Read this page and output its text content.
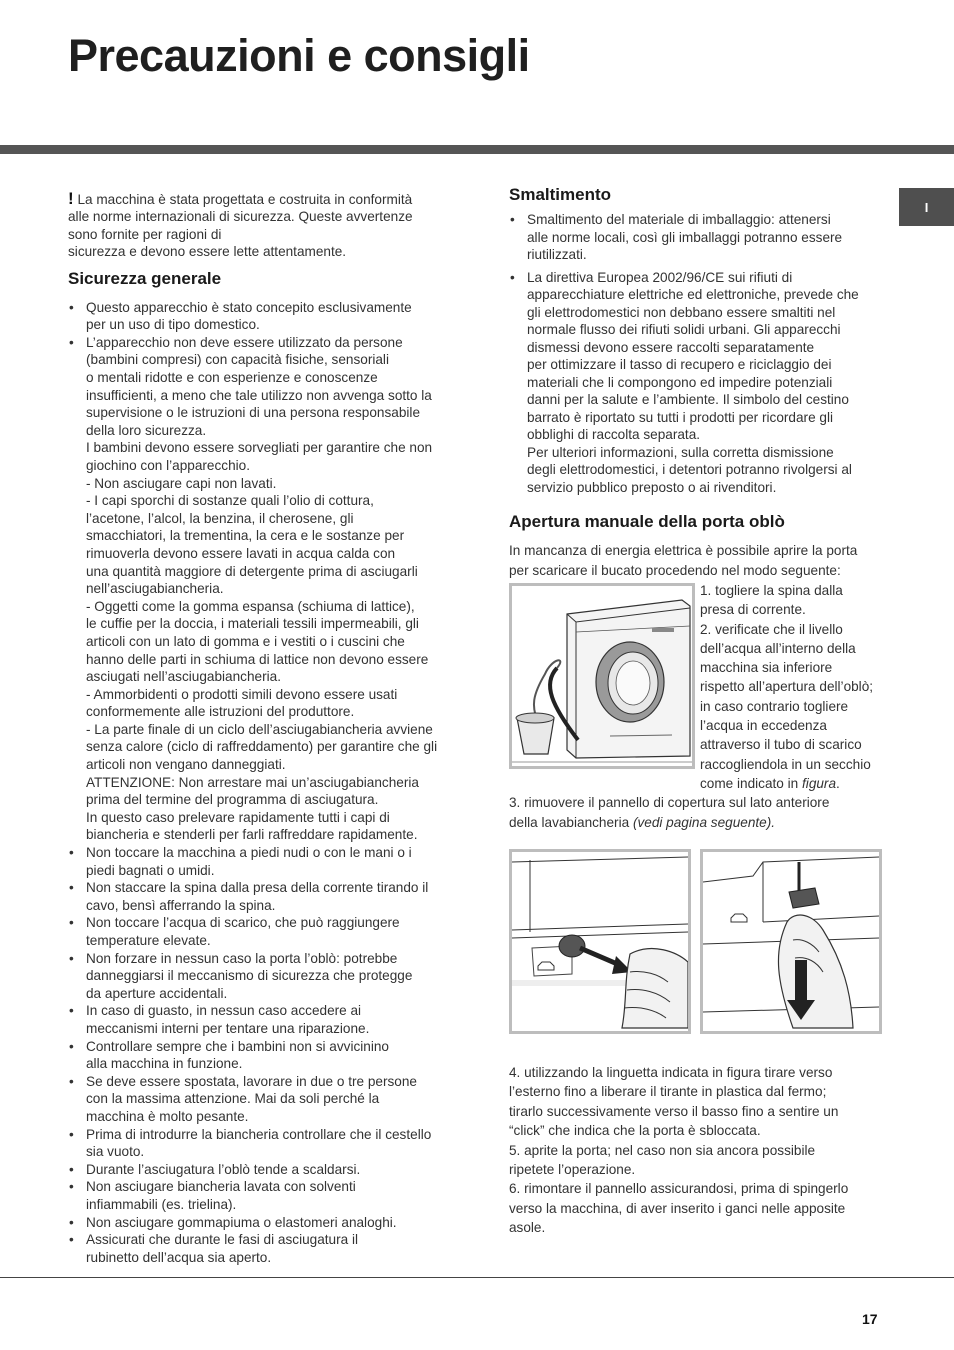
Precauzioni e consigli
I

! La macchina è stata progettata e costruita in conformità
alle norme internazionali di sicurezza. Queste avvertenze
sono fornite per ragioni di
sicurezza e devono essere lette attentamente.

Sicurezza generale
• Questo apparecchio è stato concepito esclusivamente
per un uso di tipo domestico.
• L’apparecchio non deve essere utilizzato da persone
(bambini compresi) con capacità fisiche, sensoriali
o mentali ridotte e con esperienze e conoscenze
insufficienti, a meno che tale utilizzo non avvenga sotto la
supervisione o le istruzioni di una persona responsabile
della loro sicurezza.
I bambini devono essere sorvegliati per garantire che non
giochino con l’apparecchio.
- Non asciugare capi non lavati.
- I capi sporchi di sostanze quali l’olio di cottura,
l’acetone, l’alcol, la benzina, il cherosene, gli
smacchiatori, la trementina, la cera e le sostanze per
rimuoverla devono essere lavati in acqua calda con
una quantità maggiore di detergente prima di asciugarli
nell’asciugabiancheria.
- Oggetti come la gomma espansa (schiuma di lattice),
le cuffie per la doccia, i materiali tessili impermeabili, gli
articoli con un lato di gomma e i vestiti o i cuscini che
hanno delle parti in schiuma di lattice non devono essere
asciugati nell’asciugabiancheria.
- Ammorbidenti o prodotti simili devono essere usati
conformemente alle istruzioni del produttore.
- La parte finale di un ciclo dell’asciugabiancheria avviene
senza calore (ciclo di raffreddamento) per garantire che gli
articoli non vengano danneggiati.
ATTENZIONE: Non arrestare mai un’asciugabiancheria
prima del termine del programma di asciugatura.
In questo caso prelevare rapidamente tutti i capi di
biancheria e stenderli per farli raffreddare rapidamente.
• Non toccare la macchina a piedi nudi o con le mani o i
piedi bagnati o umidi.
• Non staccare la spina dalla presa della corrente tirando il
cavo, bensì afferrando la spina.
• Non toccare l’acqua di scarico, che può raggiungere
temperature elevate.
• Non forzare in nessun caso la porta l’oblò: potrebbe
danneggiarsi il meccanismo di sicurezza che protegge
da aperture accidentali.
• In caso di guasto, in nessun caso accedere ai
meccanismi interni per tentare una riparazione.
• Controllare sempre che i bambini non si avvicinino
alla macchina in funzione.
• Se deve essere spostata, lavorare in due o tre persone
con la massima attenzione. Mai da soli perché la
macchina è molto pesante.
• Prima di introdurre la biancheria controllare che il cestello
sia vuoto.
• Durante l’asciugatura l’oblò tende a scaldarsi.
• Non asciugare biancheria lavata con solventi
infiammabili (es. trielina).
• Non asciugare gommapiuma o elastomeri analoghi.
• Assicurati che durante le fasi di asciugatura il
rubinetto dell’acqua sia aperto.
Smaltimento
• Smaltimento del materiale di imballaggio: attenersi
alle norme locali, così gli imballaggi potranno essere
riutilizzati.
• La direttiva Europea 2002/96/CE sui rifiuti di
apparecchiature elettriche ed elettroniche, prevede che
gli elettrodomestici non debbano essere smaltiti nel
normale flusso dei rifiuti solidi urbani. Gli apparecchi
dismessi devono essere raccolti separatamente
per ottimizzare il tasso di recupero e riciclaggio dei
materiali che li compongono ed impedire potenziali
danni per la salute e l’ambiente. Il simbolo del cestino
barrato è riportato su tutti i prodotti per ricordare gli
obblighi di raccolta separata.
Per ulteriori informazioni, sulla corretta dismissione
degli elettrodomestici, i detentori potranno rivolgersi al
servizio pubblico preposto o ai rivenditori.
Apertura manuale della porta oblò

In mancanza di energia elettrica è possibile aprire la porta
per scaricare il bucato procedendo nel modo seguente:

1. togliere la spina dalla
presa di corrente.
2. verificate che il livello
dell’acqua all’interno della
macchina sia inferiore
rispetto all’apertura dell’oblò;
in caso contrario togliere
l’acqua in eccedenza
attraverso il tubo di scarico
raccogliendola in un secchio
come indicato in figura.
3. rimuovere il pannello di copertura sul lato anteriore
della lavabiancheria (vedi pagina seguente).
4. utilizzando la linguetta indicata in figura tirare verso
l’esterno fino a liberare il tirante in plastica dal fermo;
tirarlo successivamente verso il basso fino a sentire un
“click” che indica che la porta è sbloccata.
5. aprite la porta; nel caso non sia ancora possibile
ripetete l’operazione.
6. rimontare il pannello assicurandosi, prima di spingerlo
verso la macchina, di aver inserito i ganci nelle apposite
asole.
17
